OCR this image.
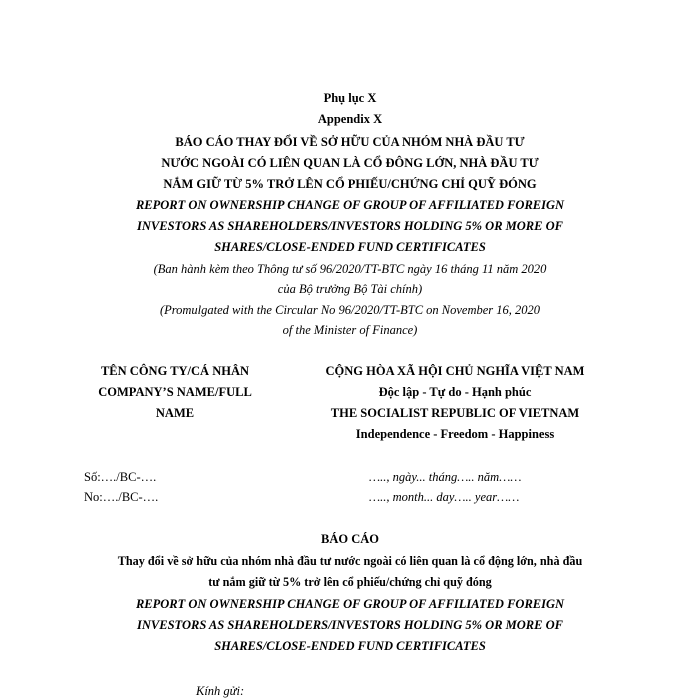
Phụ lục X
Appendix X
BÁO CÁO THAY ĐỔI VỀ SỞ HỮU CỦA NHÓM NHÀ ĐẦU TƯ
NƯỚC NGOÀI CÓ LIÊN QUAN LÀ CỔ ĐÔNG LỚN, NHÀ ĐẦU TƯ
NẮM GIỮ TỪ 5% TRỞ LÊN CỔ PHIẾU/CHỨNG CHỈ QUỸ ĐÓNG
REPORT ON OWNERSHIP CHANGE OF GROUP OF AFFILIATED FOREIGN
INVESTORS AS SHAREHOLDERS/INVESTORS HOLDING 5% OR MORE OF
SHARES/CLOSE-ENDED FUND CERTIFICATES
(Ban hành kèm theo Thông tư số 96/2020/TT-BTC ngày 16 tháng 11 năm 2020
của Bộ trưởng Bộ Tài chính)
(Promulgated with the Circular No 96/2020/TT-BTC on November 16, 2020
of the Minister of Finance)
TÊN CÔNG TY/CÁ NHÂN
COMPANY’S NAME/FULL
NAME
CỘNG HÒA XÃ HỘI CHỦ NGHĨA VIỆT NAM
Độc lập - Tự do - Hạnh phúc
THE SOCIALIST REPUBLIC OF VIETNAM
Independence - Freedom - Happiness
Số:…./BC-….
No:…./BC-….
….., ngày... tháng….. năm……
….., month... day….. year……
BÁO CÁO
Thay đổi về sở hữu của nhóm nhà đầu tư nước ngoài có liên quan là cổ động lớn, nhà đầu
tư nắm giữ từ 5% trở lên cổ phiếu/chứng chỉ quỹ đóng
REPORT ON OWNERSHIP CHANGE OF GROUP OF AFFILIATED FOREIGN
INVESTORS AS SHAREHOLDERS/INVESTORS HOLDING 5% OR MORE OF
SHARES/CLOSE-ENDED FUND CERTIFICATES
Kính gửi:
